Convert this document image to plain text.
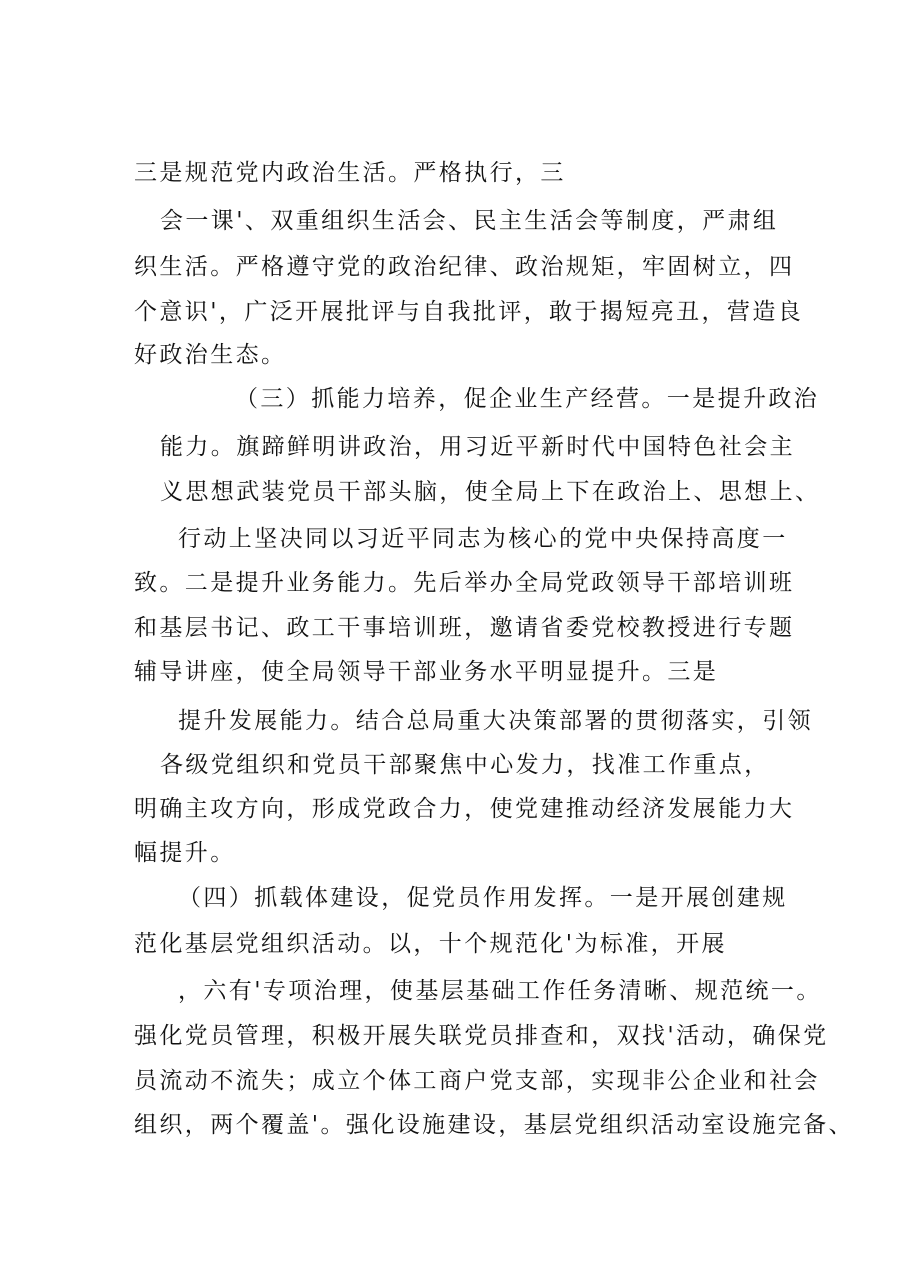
三是规范党内政治生活。严格执行，三
会一课'、双重组织生活会、民主生活会等制度，严肃组
织生活。严格遵守党的政治纪律、政治规矩，牢固树立，四
个意识'，广泛开展批评与自我批评，敢于揭短亮丑，营造良
好政治生态。
（三）抓能力培养，促企业生产经营。一是提升政治
能力。旗蹄鲜明讲政治，用习近平新时代中国特色社会主
义思想武装党员干部头脑，使全局上下在政治上、思想上、
行动上坚决同以习近平同志为核心的党中央保持高度一
致。二是提升业务能力。先后举办全局党政领导干部培训班
和基层书记、政工干事培训班，邀请省委党校教授进行专题
辅导讲座，使全局领导干部业务水平明显提升。三是
提升发展能力。结合总局重大决策部署的贯彻落实，引领
各级党组织和党员干部聚焦中心发力，找准工作重点，
明确主攻方向，形成党政合力，使党建推动经济发展能力大
幅提升。
（四）抓载体建设，促党员作用发挥。一是开展创建规
范化基层党组织活动。以，十个规范化'为标准，开展
，六有'专项治理，使基层基础工作任务清晰、规范统一。
强化党员管理，积极开展失联党员排查和，双找'活动，确保党
员流动不流失；成立个体工商户党支部，实现非公企业和社会
组织，两个覆盖'。强化设施建设，基层党组织活动室设施完备、
